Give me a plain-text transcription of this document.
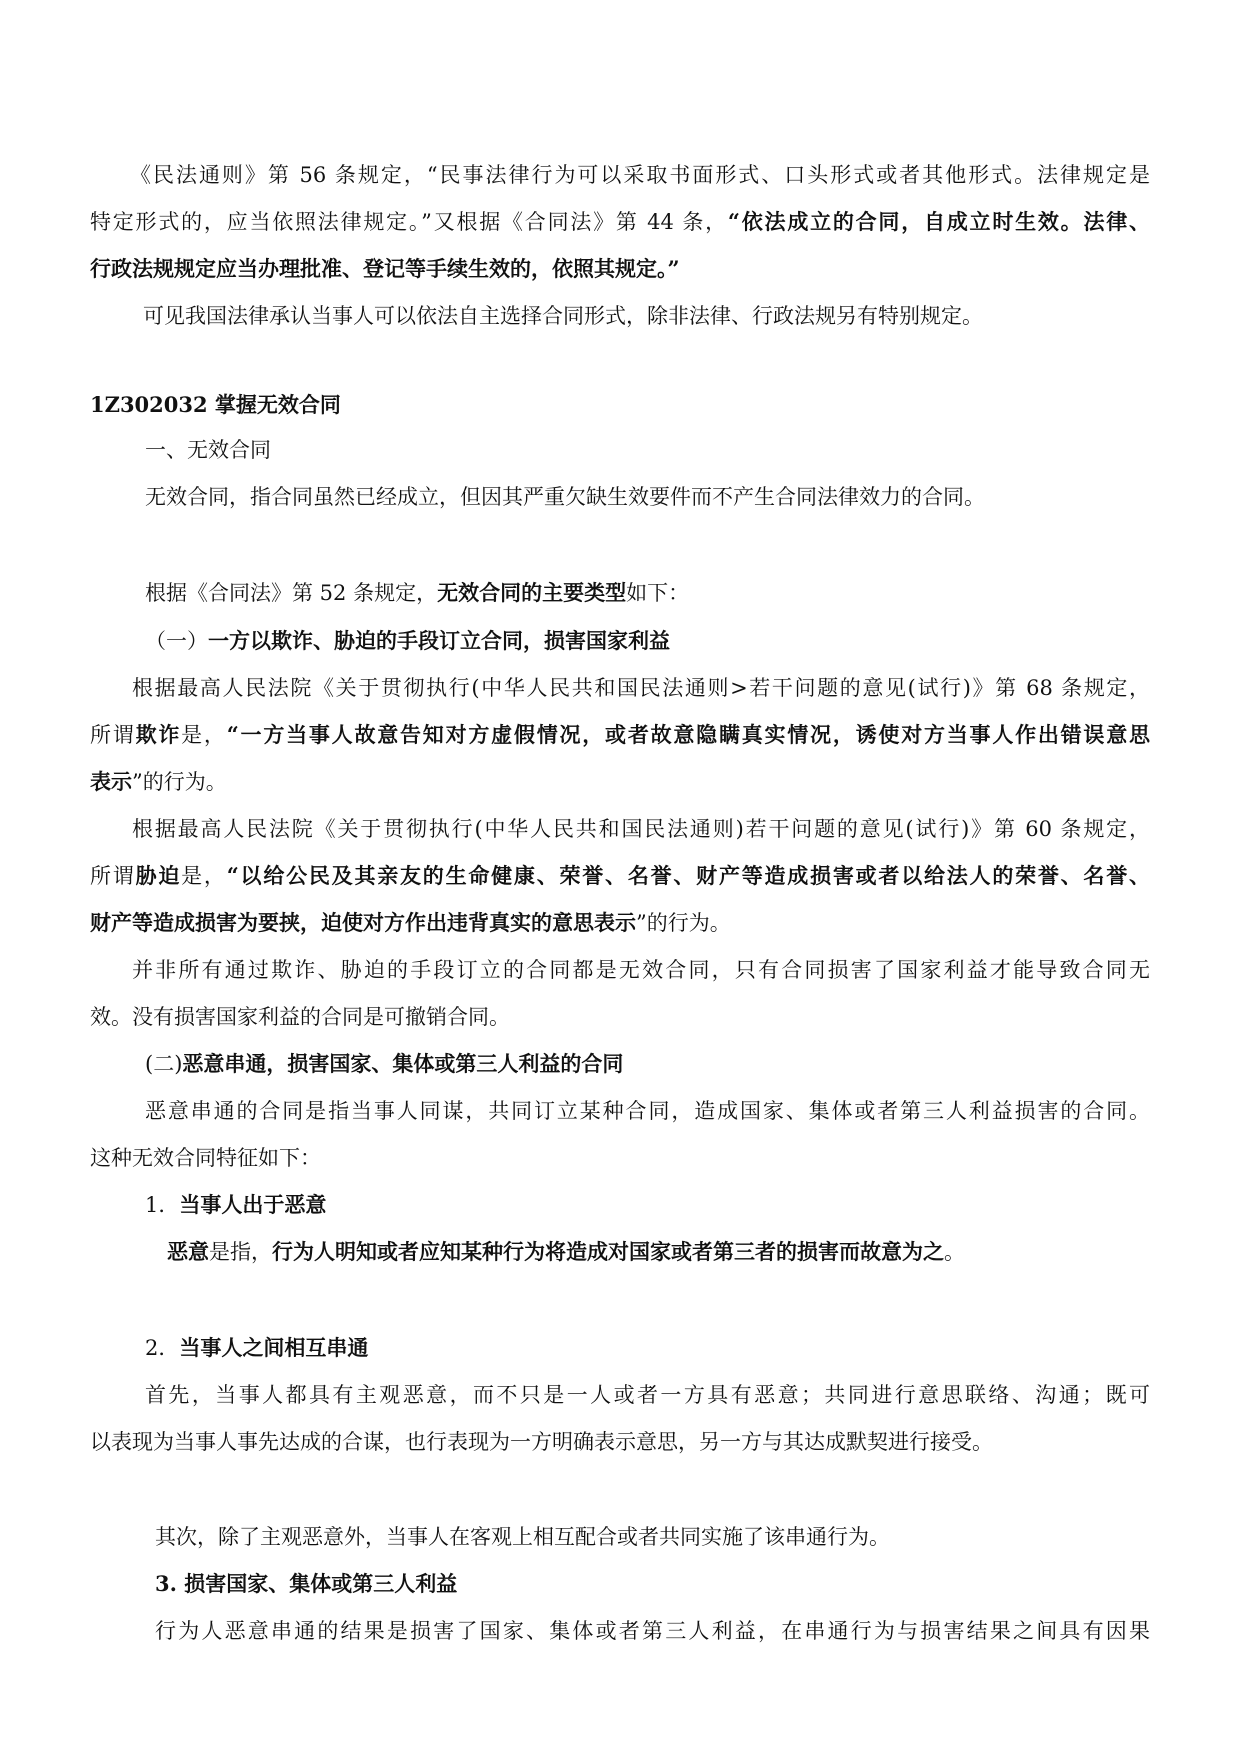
《民法通则》第 56 条规定，“民事法律行为可以采取书面形式、口头形式或者其他形式。法律规定是
特定形式的，应当依照法律规定。”又根据《合同法》第 44 条，“依法成立的合同，自成立时生效。法律、
行政法规规定应当办理批准、登记等手续生效的，依照其规定。”
可见我国法律承认当事人可以依法自主选择合同形式，除非法律、行政法规另有特别规定。
1Z302032 掌握无效合同
一、无效合同
无效合同，指合同虽然已经成立，但因其严重欠缺生效要件而不产生合同法律效力的合同。
根据《合同法》第 52 条规定，无效合同的主要类型如下：
（一）一方以欺诈、胁迫的手段订立合同，损害国家利益
根据最高人民法院《关于贯彻执行(中华人民共和国民法通则>若干问题的意见(试行)》第 68 条规定，
所谓欺诈是，“一方当事人故意告知对方虚假情况，或者故意隐瞒真实情况，诱使对方当事人作出错误意思
表示”的行为。
根据最高人民法院《关于贯彻执行(中华人民共和国民法通则)若干问题的意见(试行)》第 60 条规定，
所谓胁迫是，“以给公民及其亲友的生命健康、荣誉、名誉、财产等造成损害或者以给法人的荣誉、名誉、
财产等造成损害为要挟，迫使对方作出违背真实的意思表示”的行为。
并非所有通过欺诈、胁迫的手段订立的合同都是无效合同，只有合同损害了国家利益才能导致合同无
效。没有损害国家利益的合同是可撤销合同。
(二)恶意串通，损害国家、集体或第三人利益的合同
恶意串通的合同是指当事人同谋，共同订立某种合同，造成国家、集体或者第三人利益损害的合同。
这种无效合同特征如下：
1．当事人出于恶意
恶意是指，行为人明知或者应知某种行为将造成对国家或者第三者的损害而故意为之。
2．当事人之间相互串通
首先，当事人都具有主观恶意，而不只是一人或者一方具有恶意；共同进行意思联络、沟通；既可
以表现为当事人事先达成的合谋，也行表现为一方明确表示意思，另一方与其达成默契进行接受。
其次，除了主观恶意外，当事人在客观上相互配合或者共同实施了该串通行为。
3. 损害国家、集体或第三人利益
行为人恶意串通的结果是损害了国家、集体或者第三人利益，在串通行为与损害结果之间具有因果
